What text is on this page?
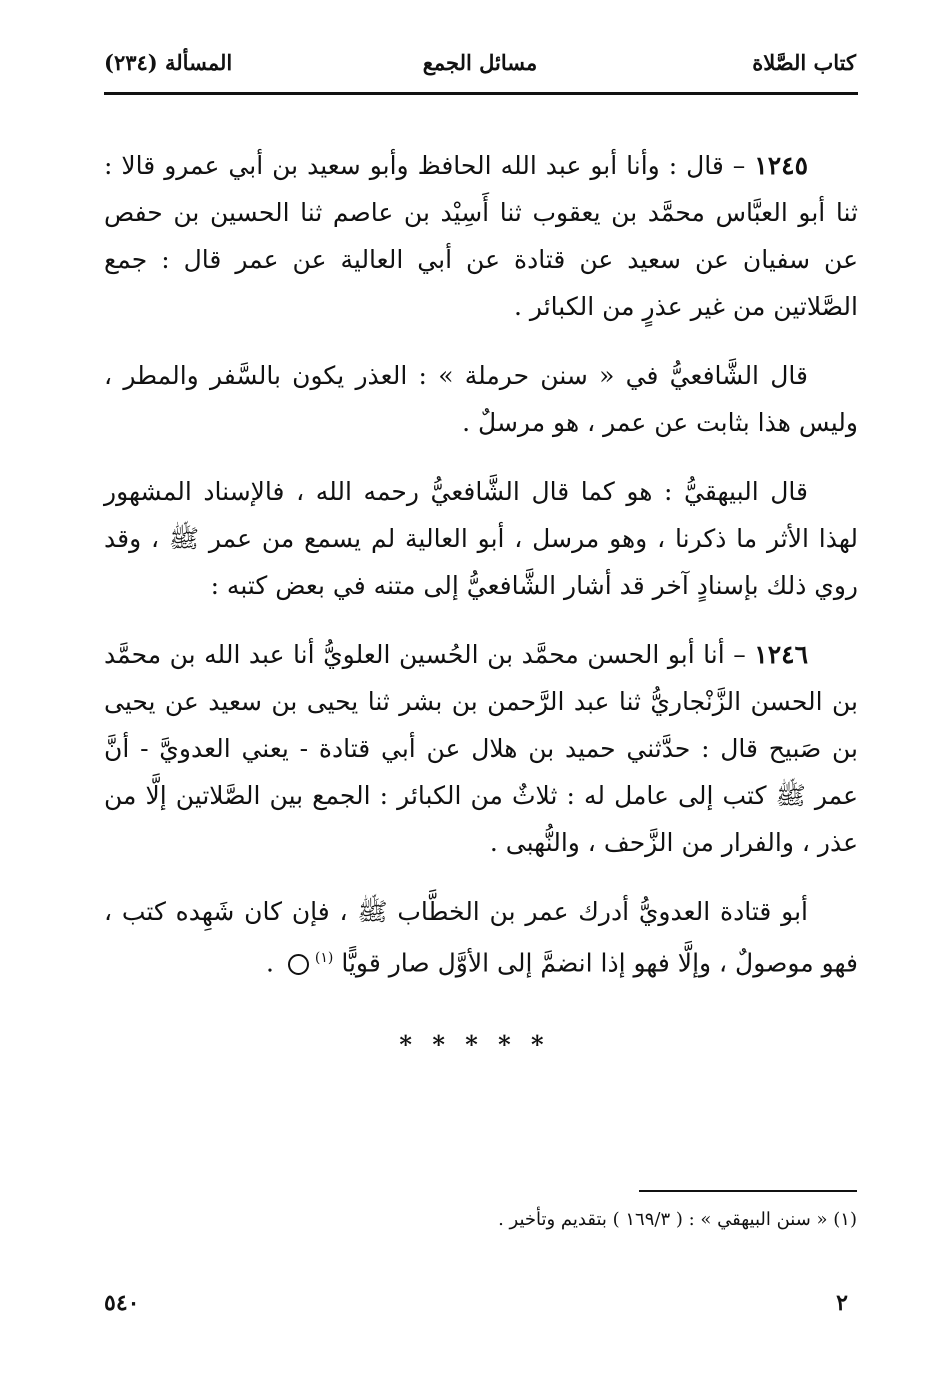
كتاب الصَّلاة
مسائل الجمع
المسألة (٢٣٤)

١٢٤٥ – قال : وأنا أبو عبد الله الحافظ وأبو سعيد بن أبي عمرو قالا : ثنا أبو العبَّاس محمَّد بن يعقوب ثنا أَسِيْد بن عاصم ثنا الحسين بن حفص عن سفيان عن سعيد عن قتادة عن أبي العالية عن عمر قال : جمع الصَّلاتين من غير عذرٍ من الكبائر .

قال الشَّافعيُّ في « سنن حرملة » : العذر يكون بالسَّفر والمطر ، وليس هذا بثابت عن عمر ، هو مرسلٌ .

قال البيهقيُّ : هو كما قال الشَّافعيُّ رحمه الله ، فالإسناد المشهور لهذا الأثر ما ذكرنا ، وهو مرسل ، أبو العالية لم يسمع من عمر ﷺ ، وقد روي ذلك بإسنادٍ آخر قد أشار الشَّافعيُّ إلى متنه في بعض كتبه :

١٢٤٦ – أنا أبو الحسن محمَّد بن الحُسين العلويُّ أنا عبد الله بن محمَّد بن الحسن الزَّنْجاريُّ ثنا عبد الرَّحمن بن بشر ثنا يحيى بن سعيد عن يحيى بن صَبيح قال : حدَّثني حميد بن هلال عن أبي قتادة - يعني العدويَّ - أنَّ عمر ﷺ كتب إلى عامل له : ثلاثٌ من الكبائر : الجمع بين الصَّلاتين إلَّا من عذر ، والفرار من الزَّحف ، والنُّهبى .

أبو قتادة العدويُّ أدرك عمر بن الخطَّاب ﷺ ، فإن كان شَهِده كتب ، فهو موصولٌ ، وإلَّا فهو إذا انضمَّ إلى الأوَّل صار قويًّا $^{(١)}$ .

* * * * *
(١) « سنن البيهقي » : ( ١٦٩/٣ ) بتقديم وتأخير .
٢
٥٤٠
